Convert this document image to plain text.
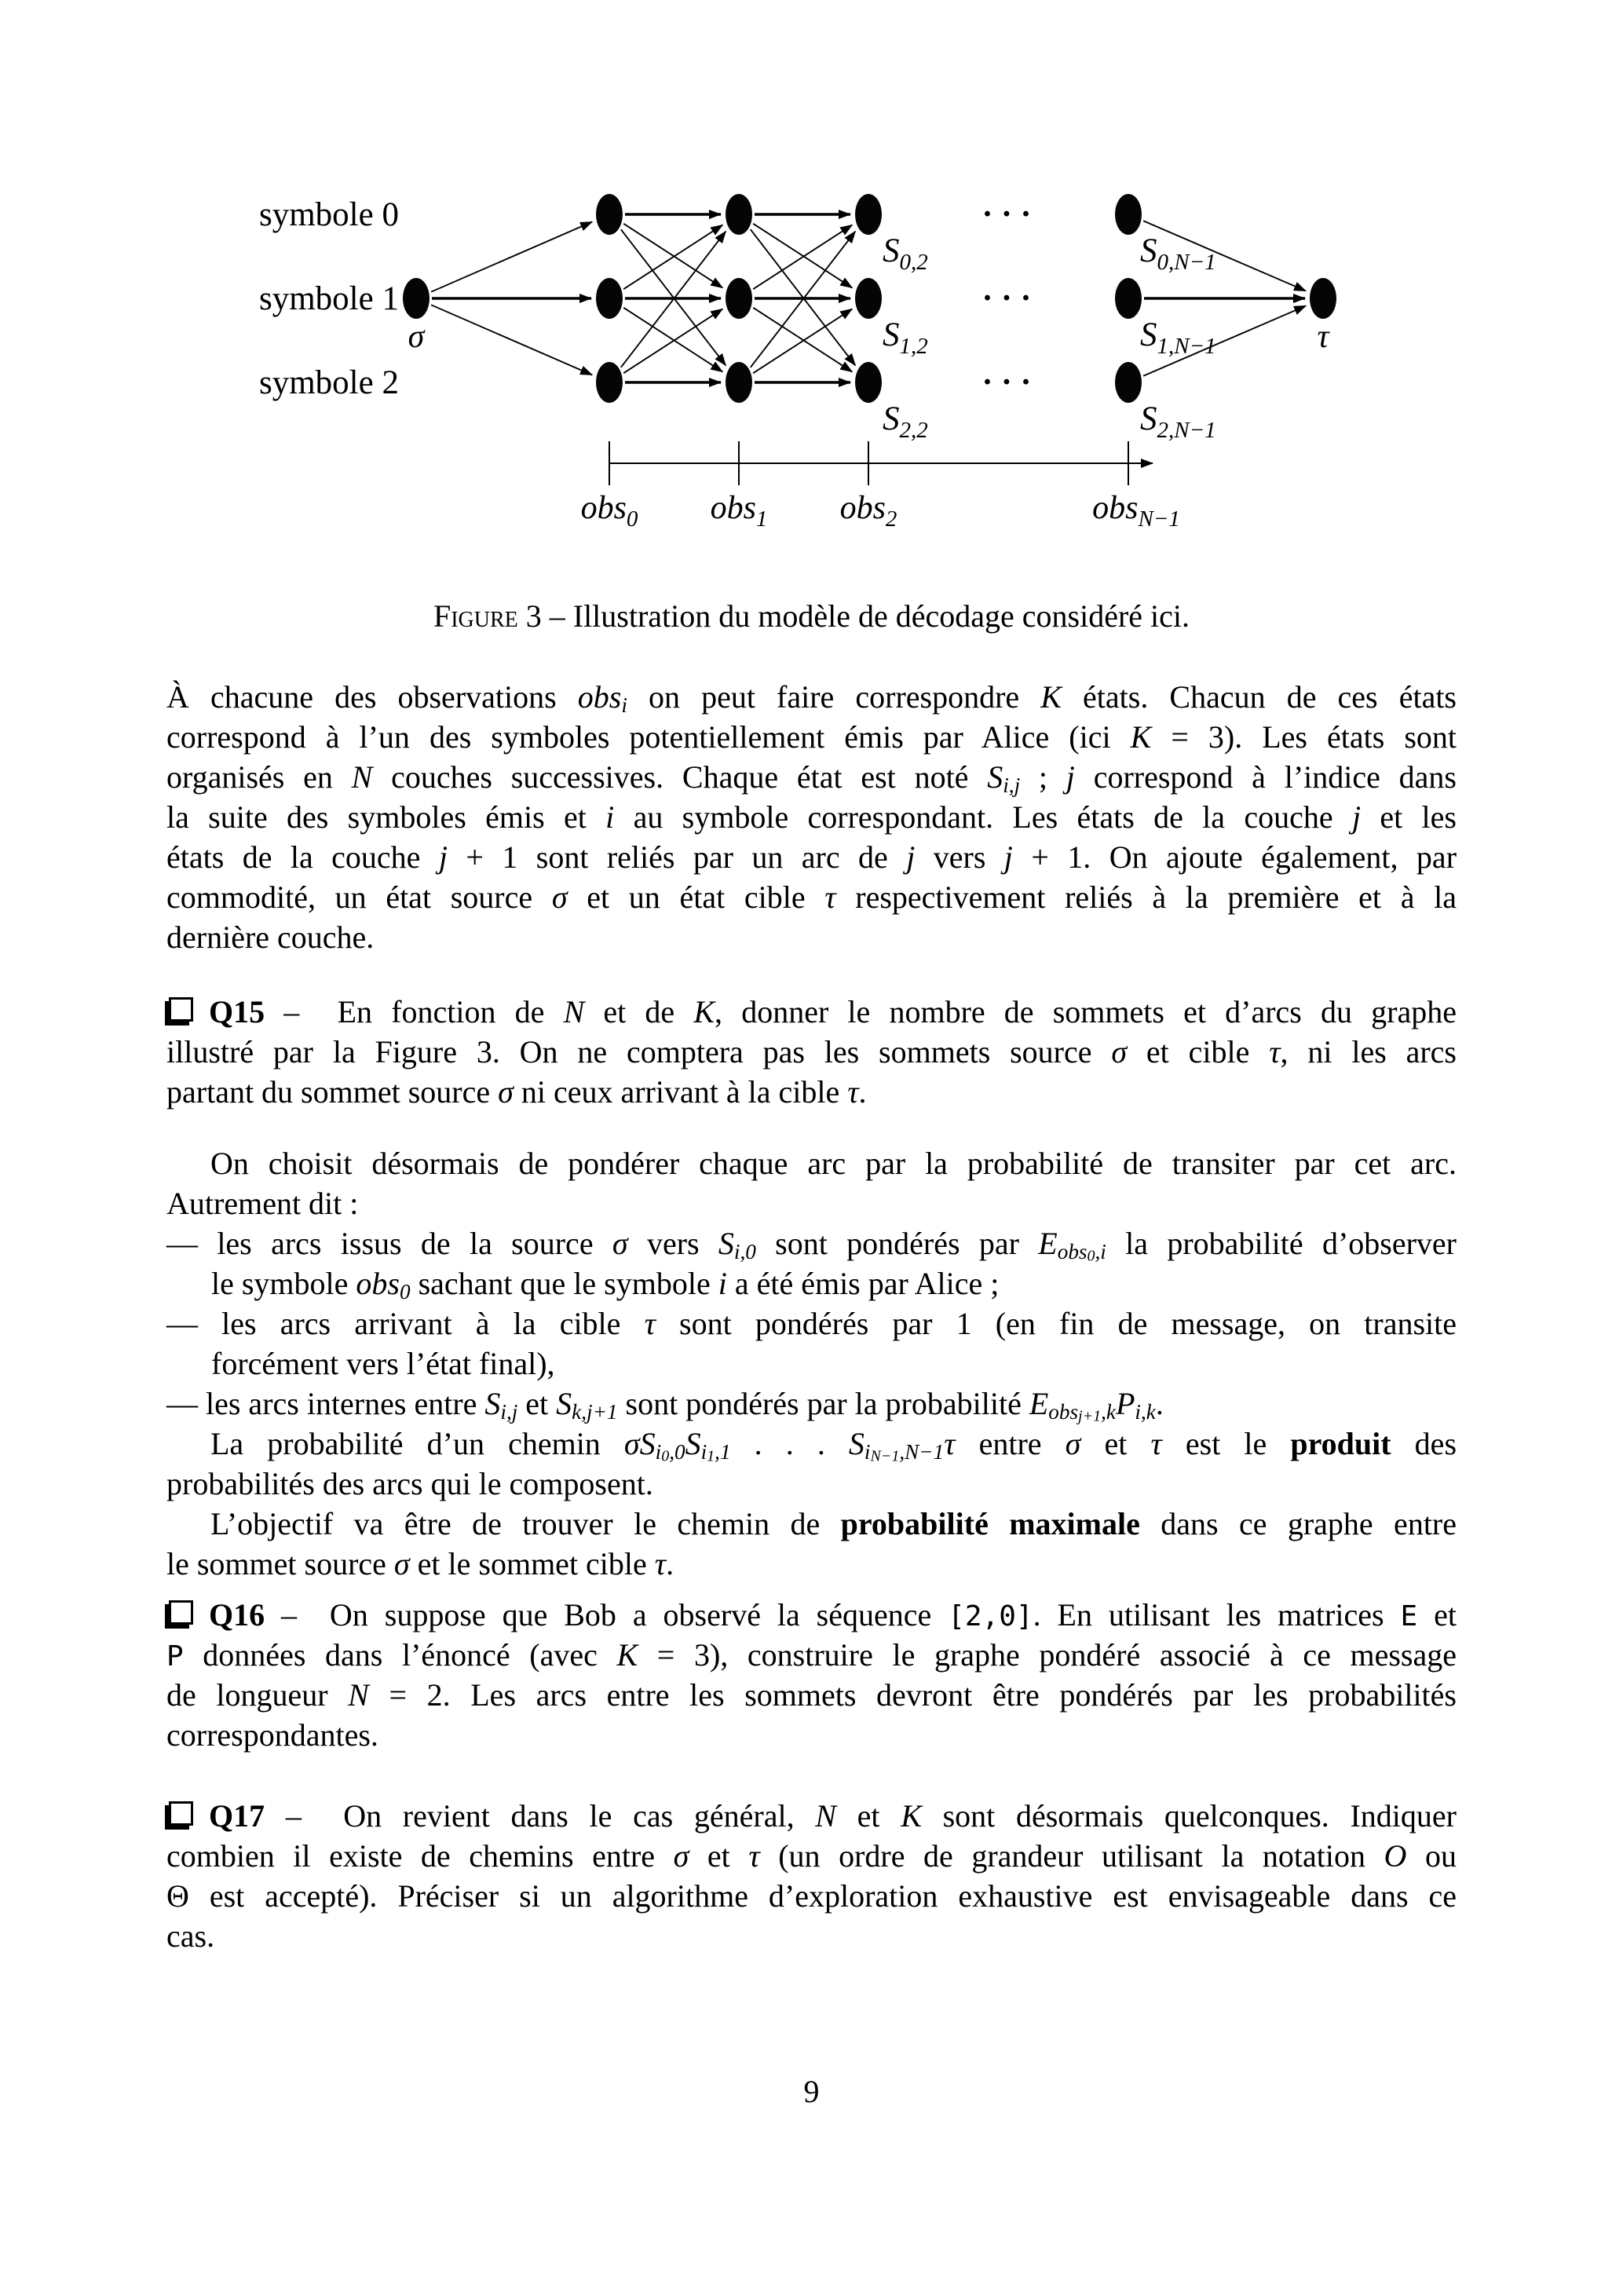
symbole 0
symbole 1
symbole 2
σ	τ
$S_{0,2}$
$S_{1,2}$
$S_{2,2}$
$S_{0,N-1}$
$S_{1,N-1}$
$S_{2,N-1}$
· · ·
· · ·
· · ·
obs$_0$ obs$_1$ obs$_2$	obs$_{N-1}$
Figure 3 – Illustration du modèle de décodage considéré ici.
À chacune des observations obsi on peut faire correspondre K états. Chacun de ces états
correspond à l’un des symboles potentiellement émis par Alice (ici K = 3). Les états sont
organisés en N couches successives. Chaque état est noté Si,j ; j correspond à l’indice dans
la suite des symboles émis et i au symbole correspondant. Les états de la couche j et les
états de la couche j + 1 sont reliés par un arc de j vers j + 1. On ajoute également, par
commodité, un état source σ et un état cible τ respectivement reliés à la première et à la
dernière couche.
Q15 –  En fonction de N et de K, donner le nombre de sommets et d’arcs du graphe
illustré par la Figure 3. On ne comptera pas les sommets source σ et cible τ, ni les arcs
partant du sommet source σ ni ceux arrivant à la cible τ.
On choisit désormais de pondérer chaque arc par la probabilité de transiter par cet arc.
Autrement dit :
— les arcs issus de la source σ vers Si,0 sont pondérés par Eobs$_0$,i la probabilité d’observer
le symbole obs0 sachant que le symbole i a été émis par Alice ;
— les arcs arrivant à la cible τ sont pondérés par 1 (en fin de message, on transite
forcément vers l’état final),
— les arcs internes entre Si,j et Sk,j+1 sont pondérés par la probabilité Eobs$_{j+1}$,kPi,k.
La probabilité d’un chemin $\sigma Si_0,0Si_1,1$ . . . $Si_{N-1},N-1\tau$ entre σ et τ est le produit des
probabilités des arcs qui le composent.
L’objectif va être de trouver le chemin de probabilité maximale dans ce graphe entre
le sommet source σ et le sommet cible τ.
Q16 –  On suppose que Bob a observé la séquence [2,0]. En utilisant les matrices E et
P données dans l’énoncé (avec K = 3), construire le graphe pondéré associé à ce message
de longueur N = 2. Les arcs entre les sommets devront être pondérés par les probabilités
correspondantes.
Q17 –  On revient dans le cas général, N et K sont désormais quelconques. Indiquer
combien il existe de chemins entre σ et τ (un ordre de grandeur utilisant la notation O ou
Θ est accepté). Préciser si un algorithme d’exploration exhaustive est envisageable dans ce
cas.
9
